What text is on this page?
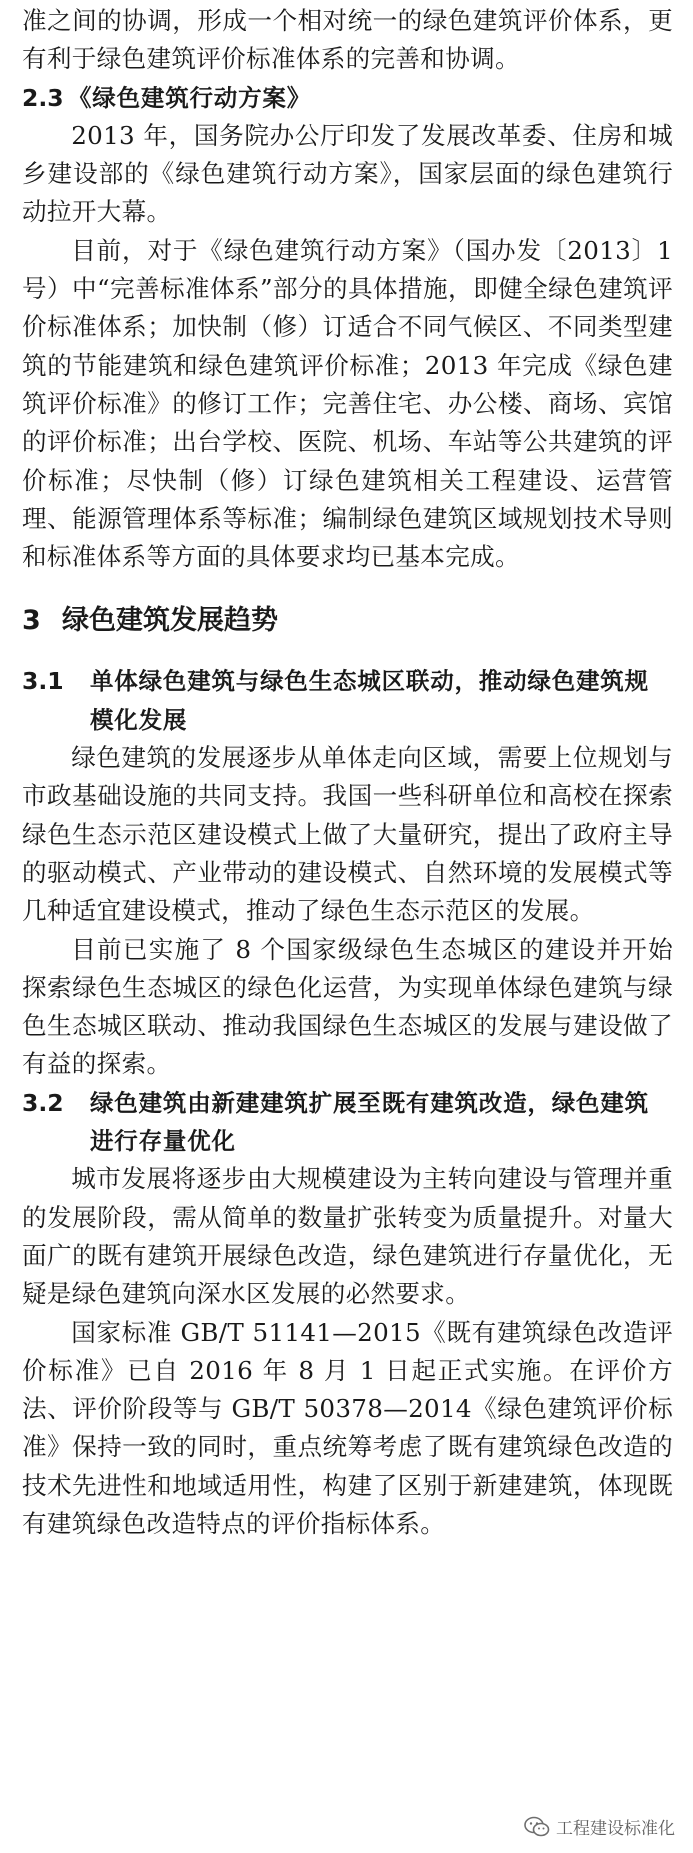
准之间的协调，形成一个相对统一的绿色建筑评价体系，更有利于绿色建筑评价标准体系的完善和协调。

2.3 《绿色建筑行动方案》

2013 年，国务院办公厅印发了发展改革委、住房和城乡建设部的《绿色建筑行动方案》，国家层面的绿色建筑行动拉开大幕。

目前，对于《绿色建筑行动方案》（国办发〔2013〕1 号）中“完善标准体系”部分的具体措施，即健全绿色建筑评价标准体系；加快制（修）订适合不同气候区、不同类型建筑的节能建筑和绿色建筑评价标准；2013 年完成《绿色建筑评价标准》的修订工作；完善住宅、办公楼、商场、宾馆的评价标准；出台学校、医院、机场、车站等公共建筑的评价标准；尽快制（修）订绿色建筑相关工程建设、运营管理、能源管理体系等标准；编制绿色建筑区域规划技术导则和标准体系等方面的具体要求均已基本完成。

3 绿色建筑发展趋势
3.1	单体绿色建筑与绿色生态城区联动，推动绿色建筑规模化发展

绿色建筑的发展逐步从单体走向区域，需要上位规划与市政基础设施的共同支持。我国一些科研单位和高校在探索绿色生态示范区建设模式上做了大量研究，提出了政府主导的驱动模式、产业带动的建设模式、自然环境的发展模式等几种适宜建设模式，推动了绿色生态示范区的发展。

目前已实施了 8 个国家级绿色生态城区的建设并开始探索绿色生态城区的绿色化运营，为实现单体绿色建筑与绿色生态城区联动、推动我国绿色生态城区的发展与建设做了有益的探索。

3.2	绿色建筑由新建建筑扩展至既有建筑改造，绿色建筑进行存量优化

城市发展将逐步由大规模建设为主转向建设与管理并重的发展阶段，需从简单的数量扩张转变为质量提升。对量大面广的既有建筑开展绿色改造，绿色建筑进行存量优化，无疑是绿色建筑向深水区发展的必然要求。

国家标准 GB/T 51141—2015《既有建筑绿色改造评价标准》已自 2016 年 8 月 1 日起正式实施。在评价方法、评价阶段等与 GB/T 50378—2014《绿色建筑评价标准》保持一致的同时，重点统筹考虑了既有建筑绿色改造的技术先进性和地域适用性，构建了区别于新建建筑，体现既有建筑绿色改造特点的评价指标体系。

工程建设标准化
